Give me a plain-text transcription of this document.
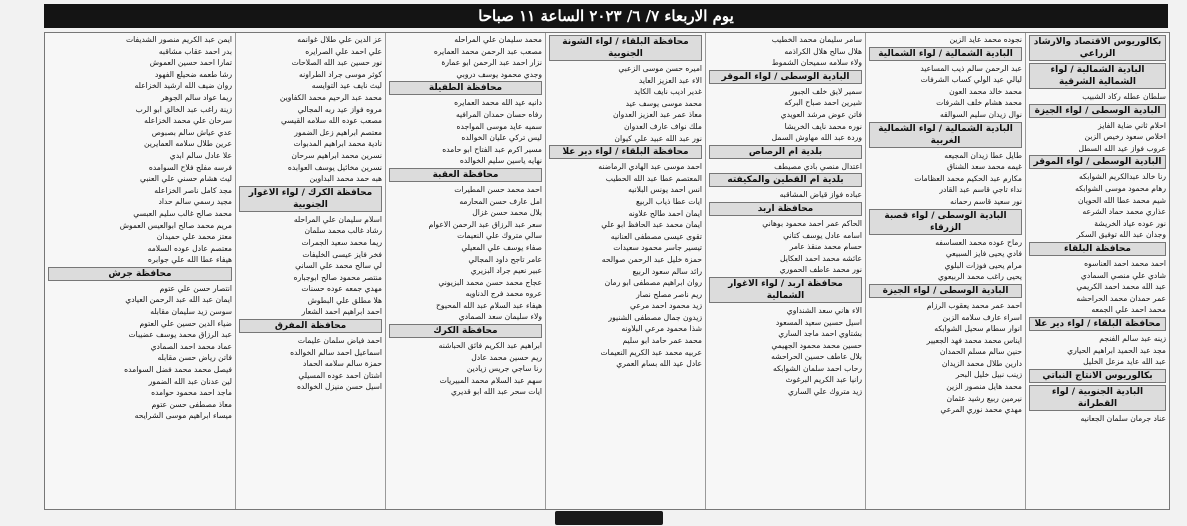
يوم الاربعاء ٧/ ٦/ ٢٠٢٣ الساعة ١١ صباحا
بكالوريوس الاقتصاد والارشاد الزراعي
البادية الشمالية / لواء الشمالية الشرقية
سلطان عطله ركاد الشبيب
البادية الوسطى / لواء الجيزة
احلام ثاني ضاية الفايز
اخلاص سعود رخيص الزبن
عروب فواز عيد الله السطل
البادية الوسطى / لواء الموقر
رنا خالد عبدالكريم الشوابكه
رهام محمود موسى الشوابكه
شيم محمد عطا الله الحويان
عذاري محمد حماد الشرعه
نور عوده عياد الخريشة
وجدان عبد الله توفيق السكر
محافظة البلقاء
احمد محمد احمد العناسوه
شادي علي منصي السمادي
عبد الله محمد احمد الكريمي
عمر حمدان محمد الحراحشه
محمد احمد علي الجمعه
محافظة البلقاء / لواء دير علا
زينه عبد سالم الفنجم
مجد عبد الحميد ابراهيم الحياري
عبد الله عايد مزعل الخليل
بكالوريوس الانتاج النباتي
البادية الجنوبية / لواء القطرانة
عناد جرمان سلمان الجعانيه
نجوده محمد عايد الزين
البادية الشمالية / لواء الشمالية
عبد الرحمن سالم ذيب المساعيد
ليالي عيد الولي كساب الشرفات
محمد خالد محمد العون
محمد هشام خلف الشرفات
نوال زيدان سليم السوالقه
البادية الشمالية / لواء الشمالية الغربية
طايل عطا زيدان المجيعه
غيمه محمد سعد الشناق
مكارم عبد الحكيم محمد العظامات
نداء تاجي قاسم عبد القادر
نور سعيد قاسم رحمانه
البادية الوسطى / لواء قصبة الزرقاء
رماح عوده محمد العساسفه
فادي يحيى فايز السبيعي
مرام يحيى فوزات البلوي
يحيى راغب محمد الربيعوي
البادية الوسطى / لواء الجيزة
احمد عمر محمد يعقوب الرزام
اسراء عارف سلامه الزبن
انوار سطام سحيل الشوابكه
ايناس محمد محمد فهد الجعيير
حنين سالم مسلم الحمدان
دارين طلال محمد الزيدان
زينب نبيل خليل البحر
محمد هايل منصور الزين
نيرمين ربيع رشيد عثمان
مهدي محمد نوري المرعي
سامر سليمان محمد الخطيب
هلال سالح هلال الكراذمه
ولاء سلامه سميحان الشموط
البادية الوسطى / لواء الموقر
سمير لايق خلف الجبور
شيرين احمد صباح البركه
فاتن عوض مرشد العويدي
نوره محمد نايف الخريشا
وردة عبد الله مهاوش السمل
بلدية ام الرصاص
اعتدال منصي بادي مصيطف
بلدية ام القطين والمكيفته
عباده فواز قياض المشاقبه
محافظة اربد
الحاكم عمر احمد محمود بوهاني
اسامه عادل يوسف كتاني
حسام محمد منقذ عامر
عائشه محمد احمد العكايل
نور محمد عاطف الحموري
محافظة اربد / لواء الاغوار الشمالية
الاء هاني سعد الشنداوي
اسيل حسين سعيد المسعود
بشتاوي احمد ماجد الساري
حسين محمد محمود الجهيمي
بلال عاطف حسين الحراحشه
رحاب احمد سلمان الشوابكه
رانيا عبد الكريم البرغوث
زيد متروك علي الساري
محافظة البلقاء / لواء الشونة الجنوبية
اميره حسن موسى الزعبي
الاء عبد العزيز العايد
غدير اديب نايف الكايد
محمد موسى يوسف عيد
معاذ عمر عبد العزيز العدوان
ملك نواف عارف العدوان
نور عبد الله عبيد علي كيوان
محافظة البلقاء / لواء دير علا
احمد موسى عبد الهادي الرماضنه
المعتصم عطا عبد الله الحطيب
انس احمد يونس البلانيه
ايات عطا ذياب الربيع
ايمان احمد طالح علاونه
ايمان محمد عبد الحافظ ابو علي
تقوى عيسى مصطفى العنانيه
تيسير جاسر محمود سعيدات
حمزة خليل عبد الرحمن صوالحه
رائد سالم سعود الربيع
روان ابراهيم مصطفى ابو رمان
ريم ناصر مصلح نصار
زيد محمود احمد مرعي
زيدون جمال مصطفى الشنيور
شذا محمود مرعي البلاونه
محمد عمر حامد ابو سليم
عربيه محمد عبد الكريم النعيمات
عادل عيد الله بسام العمري
محمد سليمان علي المراحله
مصعب عبد الرحمن محمد العمايره
نزار احمد عبد الرحمن ابو عمارة
وجدي محمود يوسف دروبي
محافظة الطفيلة
دانيه عيد الله محمد العمايره
رفاه حسان حمدان المرافيه
سميه عايد موسى المواجده
ليس تركي عليان الخوالده
مسير اكرم عبد الفتاح ابو حامده
نهايه ياسين سليم الخوالده
محافظة العقبة
احمد محمد حسن المطيرات
امل عارف حسن المحارمه
بلال محمد حسن غزال
سعر عبد الرزاق عبد الرحمن الاعوام
سالي متروك علي النعيمات
صفاء يوسف علي المعيلي
عامر تاجح داود المجالي
عبير نعيم جراد البزيري
عجاج محمد حسن محمد البزيوني
عروه محمد فرج الدناويه
هيفاء عبد السلام عبد الله المحيوح
ولاء سليمان سعد الصمادي
محافظة الكرك
ابراهيم عبد الكريم فائق الحباشنه
ريم حسين محمد عادل
رنا ساجي جريس زيادين
سهم عبد السلام محمد المبيريات
ايات سحر عبد الله ابو قديري
عز الدين علي طلال غوانمه
علي احمد علي الصرايره
نور حسين عبد الله الصلاحات
كوثر موسى جراد الطراونه
ليث نايف عيد التوايسه
محمد عبد الرحيم محمد الكفاوين
مروه فواز عيد ربه المجالي
مصعب عوده الله سلامه القيسي
معتصم ابراهيم زعل الضمور
نادية محمد ابراهيم المدبوات
نسرين محمد ابراهيم سرحان
نسرين مخائيل يوسف العوابده
هبه حمد محمد البداوين
محافظة الكرك / لواء الاغوار الجنوبية
اسلام سليمان علي المراحله
رشاد غالب محمد سلمان
ريما محمد سعيد الجمرات
فخر فايز عيسى الخليفات
لي سالح محمد علي الساني
منتصر محمود صالح ابوجباره
مهدي جمعه عوده حسنات
هلا مطلق علي البطوش
احمد ابراهيم احمد الشعار
محافظة المفرق
احمد فياض سلمان عليمات
اسماعيل احمد سالم الخوالده
حمزة سالم سلامه الحماد
اشتان احمد عوده المسيلي
اسيل حسن منيزل الخوالده
ايمن عبد الكريم منصور الشديفات
بدر احمد عقاب مشاقبه
تمارا احمد حسين العموش
رشا طعمه ضحيلع الفهود
روان ضيف الله ارشيد الخزاعله
ريما عواد سالم الجوهر
زينة راغب عبد الخالق ابو الرب
سرحان علي محمد الخزاعله
عدي عياش سالم بصبوص
عرين طلال سلامه العمايرين
علا عادل سالم ابدي
فرسه مفلح فلاح السوامده
ليث هشام حسني علي العنبي
مجد كامل ناصر الخزاعله
مجيد رسمي سالم حداد
محمد صالح غالب سليم العبسي
مريم محمد صالح ابوالعيس العموش
معتز محمد علي حميدان
معتصم عادل عوده السلامه
هيفاء عطا الله علي جوابره
محافظة جرش
انتصار حسن علي عتوم
ايمان عبد الله عبد الرحمن العيادي
سوسن زيد سليمان مقابله
ضياء الدين حسين علي العتوم
عبد الرزاق محمد يوسف عضيبات
عماد محمد احمد الصمادي
فاتن رياض حسن مقابله
فيصل محمد محمد فضل السوامده
لين عدنان عبد الله الضمور
ماجد احمد محمود حوامده
معاذ مصطفى حسن عتوم
ميساء ابراهيم موسى الشرايحه
